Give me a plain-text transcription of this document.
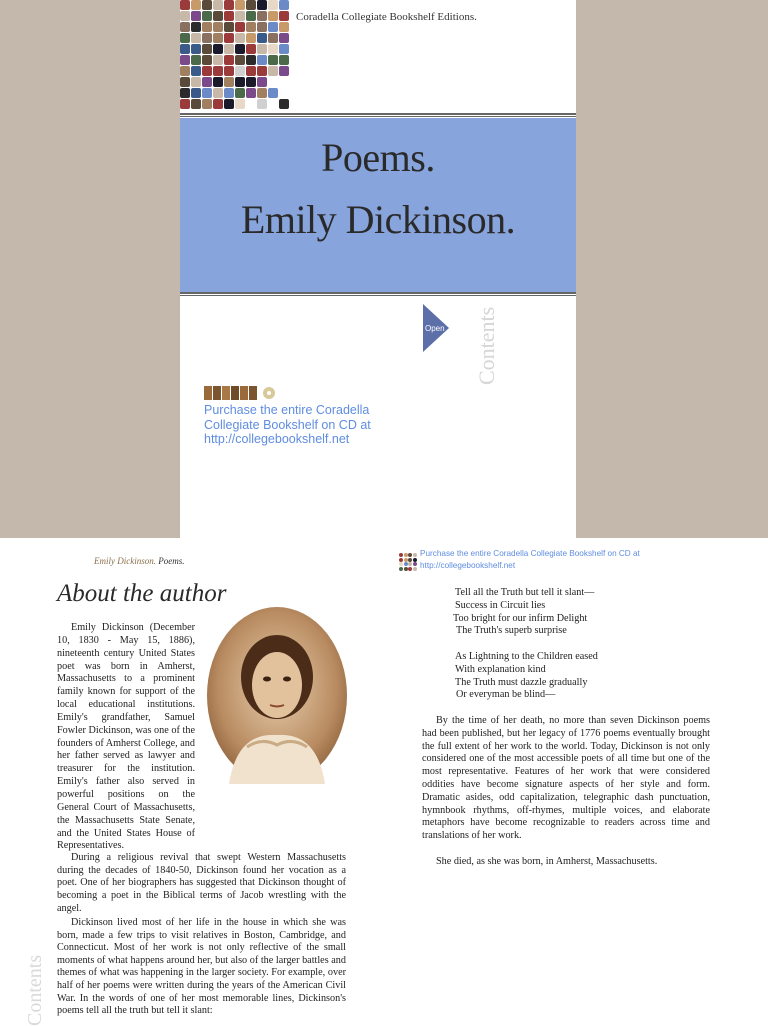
Coradella Collegiate Bookshelf Editions.
Poems.
Emily Dickinson.
Open Contents
Purchase the entire Coradella Collegiate Bookshelf on CD at http://collegebookshelf.net
Emily Dickinson. Poems.
About the author

Emily Dickinson (December 10, 1830 - May 15, 1886), nineteenth century United States poet was born in Amherst, Massachusetts to a prominent family known for support of the local educational institutions. Emily's grandfather, Samuel Fowler Dickinson, was one of the founders of Amherst College, and her father served as lawyer and treasurer for the institution. Emily's father also served in powerful positions on the General Court of Massachusetts, the Massachusetts State Senate, and the United States House of Representatives.

During a religious revival that swept Western Massachusetts during the decades of 1840-50, Dickinson found her vocation as a poet. One of her biographers has suggested that Dickinson thought of becoming a poet in the Biblical terms of Jacob wrestling with the angel.

Dickinson lived most of her life in the house in which she was born, made a few trips to visit relatives in Boston, Cambridge, and Connecticut. Most of her work is not only reflective of the small moments of what happens around her, but also of the larger battles and themes of what was happening in the larger society. For example, over half of her poems were written during the years of the American Civil War. In the words of one of her most memorable lines, Dickinson's poems tell all the truth but tell it slant:

Contents
Purchase the entire Coradella Collegiate Bookshelf on CD at http://collegebookshelf.net
Tell all the Truth but tell it slant—
Success in Circuit lies
Too bright for our infirm Delight
The Truth's superb surprise
As Lightning to the Children eased
With explanation kind
The Truth must dazzle gradually
Or everyman be blind—

By the time of her death, no more than seven Dickinson poems had been published, but her legacy of 1776 poems eventually brought the full extent of her work to the world. Today, Dickinson is not only considered one of the most accessible poets of all time but one of the most representative. Features of her work that were considered oddities have become signature aspects of her style and form. Dramatic asides, odd capitalization, telegraphic dash punctuation, hymnbook rhythms, off-rhymes, multiple voices, and elaborate metaphors have become recognizable to readers across time and translations of her work.

She died, as she was born, in Amherst, Massachusetts.
